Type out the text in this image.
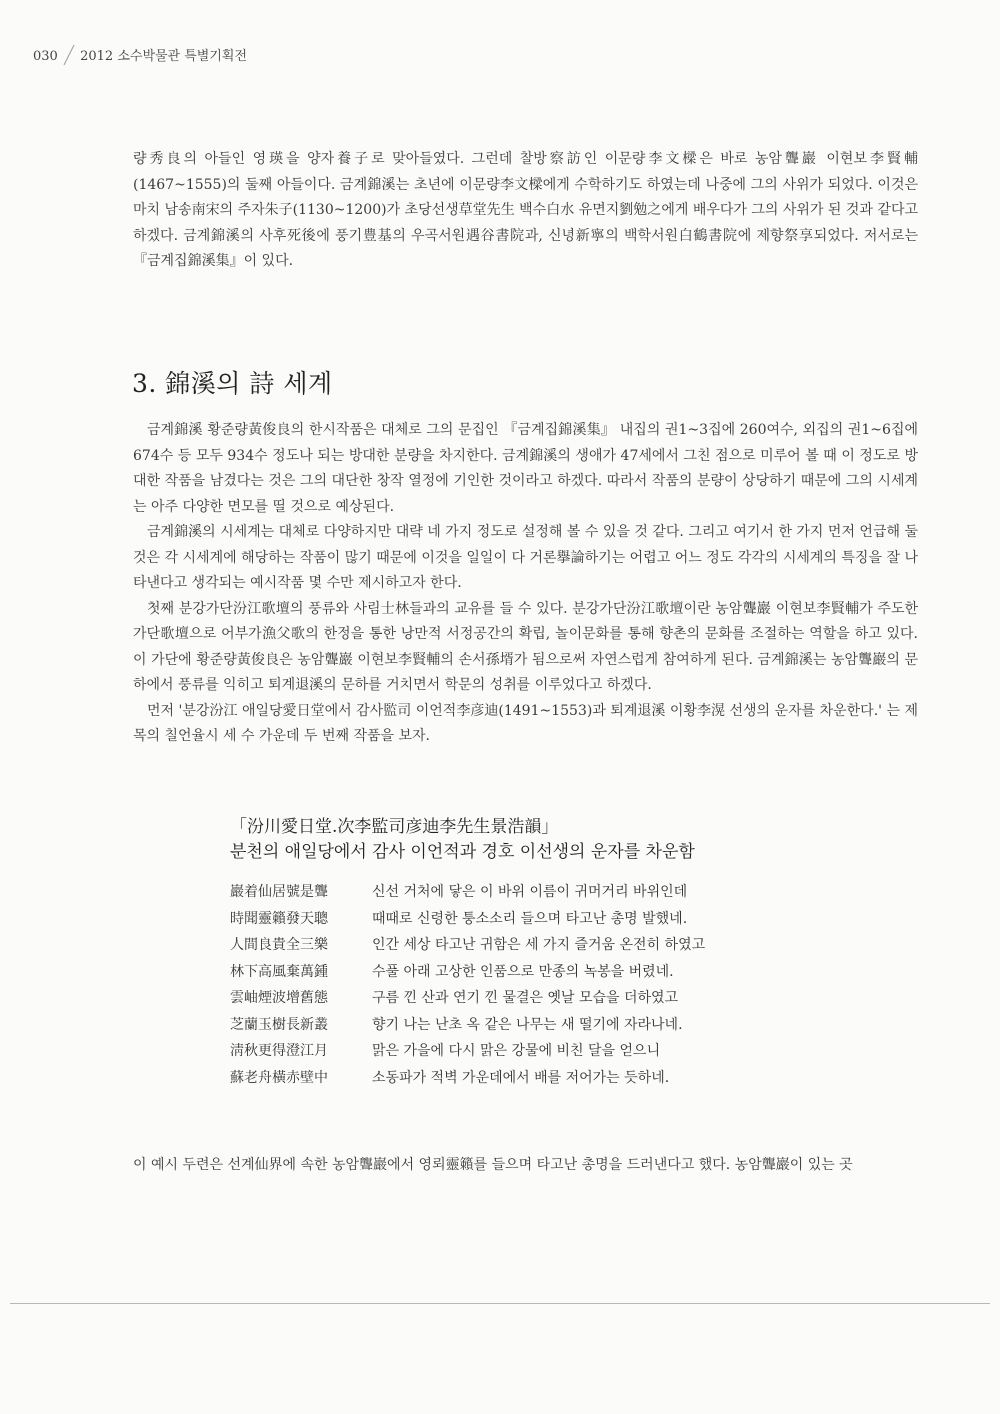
030 2012 소수박물관 특별기획전

량秀良의 아들인 영瑛을 양자養子로 맞아들였다. 그런데 찰방察訪인 이문량李文樑은 바로 농암聾巖 이현보李賢輔(1467~1555)의 둘째 아들이다. 금계錦溪는 초년에 이문량李文樑에게 수학하기도 하였는데 나중에 그의 사위가 되었다. 이것은 마치 남송南宋의 주자朱子(1130~1200)가 초당선생草堂先生 백수白水 유면지劉勉之에게 배우다가 그의 사위가 된 것과 같다고 하겠다. 금계錦溪의 사후死後에 풍기豊基의 우곡서원遇谷書院과, 신녕新寧의 백학서원白鶴書院에 제향祭享되었다. 저서로는 『금계집錦溪集』이 있다.

3. 錦溪의 詩 세계

금계錦溪 황준량黃俊良의 한시작품은 대체로 그의 문집인 『금계집錦溪集』 내집의 권1~3집에 260여수, 외집의 권1~6집에 674수 등 모두 934수 정도나 되는 방대한 분량을 차지한다. 금계錦溪의 생애가 47세에서 그친 점으로 미루어 볼 때 이 정도로 방대한 작품을 남겼다는 것은 그의 대단한 창작 열정에 기인한 것이라고 하겠다. 따라서 작품의 분량이 상당하기 때문에 그의 시세계는 아주 다양한 면모를 띨 것으로 예상된다.

금계錦溪의 시세계는 대체로 다양하지만 대략 네 가지 정도로 설정해 볼 수 있을 것 같다. 그리고 여기서 한 가지 먼저 언급해 둘 것은 각 시세계에 해당하는 작품이 많기 때문에 이것을 일일이 다 거론擧論하기는 어렵고 어느 정도 각각의 시세계의 특징을 잘 나타낸다고 생각되는 예시작품 몇 수만 제시하고자 한다.

첫째 분강가단汾江歌壇의 풍류와 사림士林들과의 교유를 들 수 있다. 분강가단汾江歌壇이란 농암聾巖 이현보李賢輔가 주도한 가단歌壇으로 어부가漁父歌의 한정을 통한 낭만적 서정공간의 확립, 놀이문화를 통해 향촌의 문화를 조절하는 역할을 하고 있다. 이 가단에 황준량黃俊良은 농암聾巖 이현보李賢輔의 손서孫壻가 됨으로써 자연스럽게 참여하게 된다. 금계錦溪는 농암聾巖의 문하에서 풍류를 익히고 퇴계退溪의 문하를 거치면서 학문의 성취를 이루었다고 하겠다.

먼저 '분강汾江 애일당愛日堂에서 감사監司 이언적李彦迪(1491~1553)과 퇴계退溪 이황李滉 선생의 운자를 차운한다.' 는 제목의 칠언율시 세 수 가운데 두 번째 작품을 보자.

「汾川愛日堂.次李監司彦迪李先生景浩韻」
분천의 애일당에서 감사 이언적과 경호 이선생의 운자를 차운함
巖着仙居號是聾	신선 거처에 닿은 이 바위 이름이 귀머거리 바위인데
時聞靈籟發天聰	때때로 신령한 퉁소소리 들으며 타고난 총명 발했네.
人間良貴全三樂	인간 세상 타고난 귀함은 세 가지 즐거움 온전히 하였고
林下高風棄萬鍾	수풀 아래 고상한 인품으로 만종의 녹봉을 버렸네.
雲岫煙波增舊態	구름 낀 산과 연기 낀 물결은 옛날 모습을 더하였고
芝蘭玉樹長新叢	향기 나는 난초 옥 같은 나무는 새 떨기에 자라나네.
淸秋更得澄江月	맑은 가을에 다시 맑은 강물에 비친 달을 얻으니
蘇老舟橫赤壁中	소동파가 적벽 가운데에서 배를 저어가는 듯하네.
이 예시 두련은 선계仙界에 속한 농암聾巖에서 영뢰靈籟를 들으며 타고난 총명을 드러낸다고 했다. 농암聾巖이 있는 곳
